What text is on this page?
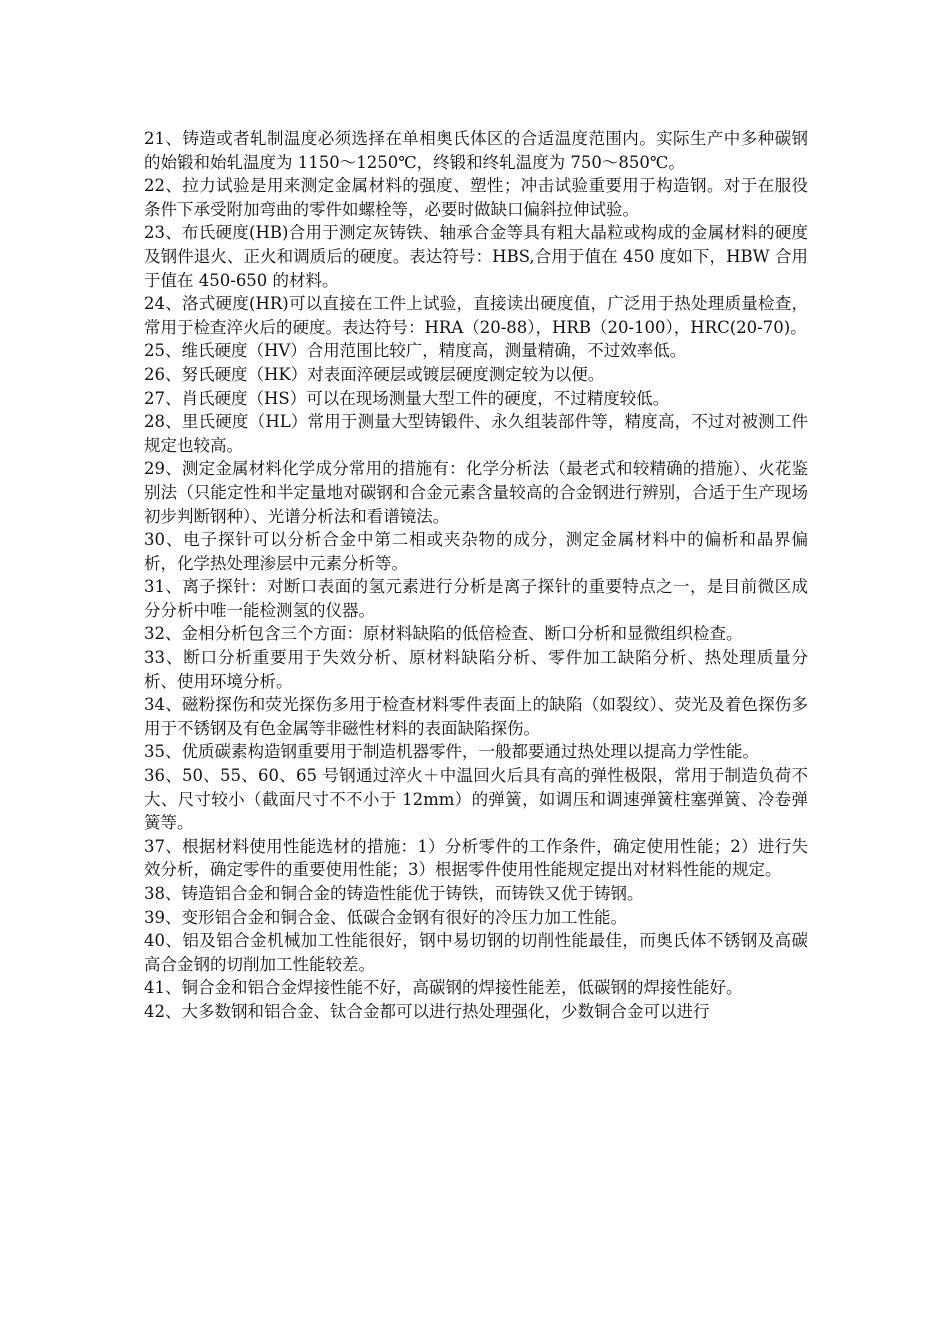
21、铸造或者轧制温度必须选择在单相奥氏体区的合适温度范围内。实际生产中多种碳钢的始锻和始轧温度为 1150～1250℃，终锻和终轧温度为 750～850℃。

22、拉力试验是用来测定金属材料的强度、塑性；冲击试验重要用于构造钢。对于在服役条件下承受附加弯曲的零件如螺栓等，必要时做缺口偏斜拉伸试验。

23、布氏硬度(HB)合用于测定灰铸铁、轴承合金等具有粗大晶粒或构成的金属材料的硬度及钢件退火、正火和调质后的硬度。表达符号：HBS,合用于值在 450 度如下，HBW 合用于值在 450-650 的材料。

24、洛式硬度(HR)可以直接在工件上试验，直接读出硬度值，广泛用于热处理质量检查，常用于检查淬火后的硬度。表达符号：HRA（20-88），HRB（20-100），HRC(20-70)。

25、维氏硬度（HV）合用范围比较广，精度高，测量精确，不过效率低。

26、努氏硬度（HK）对表面淬硬层或镀层硬度测定较为以便。

27、肖氏硬度（HS）可以在现场测量大型工件的硬度，不过精度较低。

28、里氏硬度（HL）常用于测量大型铸锻件、永久组装部件等，精度高，不过对被测工件规定也较高。

29、测定金属材料化学成分常用的措施有：化学分析法（最老式和较精确的措施）、火花鉴别法（只能定性和半定量地对碳钢和合金元素含量较高的合金钢进行辨别，合适于生产现场初步判断钢种）、光谱分析法和看谱镜法。

30、电子探针可以分析合金中第二相或夹杂物的成分，测定金属材料中的偏析和晶界偏析，化学热处理渗层中元素分析等。

31、离子探针：对断口表面的氢元素进行分析是离子探针的重要特点之一，是目前微区成分分析中唯一能检测氢的仪器。

32、金相分析包含三个方面：原材料缺陷的低倍检查、断口分析和显微组织检查。

33、断口分析重要用于失效分析、原材料缺陷分析、零件加工缺陷分析、热处理质量分析、使用环境分析。

34、磁粉探伤和荧光探伤多用于检查材料零件表面上的缺陷（如裂纹）、荧光及着色探伤多用于不锈钢及有色金属等非磁性材料的表面缺陷探伤。

35、优质碳素构造钢重要用于制造机器零件，一般都要通过热处理以提高力学性能。

36、50、55、60、65 号钢通过淬火＋中温回火后具有高的弹性极限，常用于制造负荷不大、尺寸较小（截面尺寸不不小于 12mm）的弹簧，如调压和调速弹簧柱塞弹簧、冷卷弹簧等。

37、根据材料使用性能选材的措施：1）分析零件的工作条件，确定使用性能；2）进行失效分析，确定零件的重要使用性能；3）根据零件使用性能规定提出对材料性能的规定。

38、铸造铝合金和铜合金的铸造性能优于铸铁，而铸铁又优于铸钢。

39、变形铝合金和铜合金、低碳合金钢有很好的冷压力加工性能。

40、铝及铝合金机械加工性能很好，钢中易切钢的切削性能最佳，而奥氏体不锈钢及高碳高合金钢的切削加工性能较差。

41、铜合金和铝合金焊接性能不好，高碳钢的焊接性能差，低碳钢的焊接性能好。

42、大多数钢和铝合金、钛合金都可以进行热处理强化，少数铜合金可以进行
